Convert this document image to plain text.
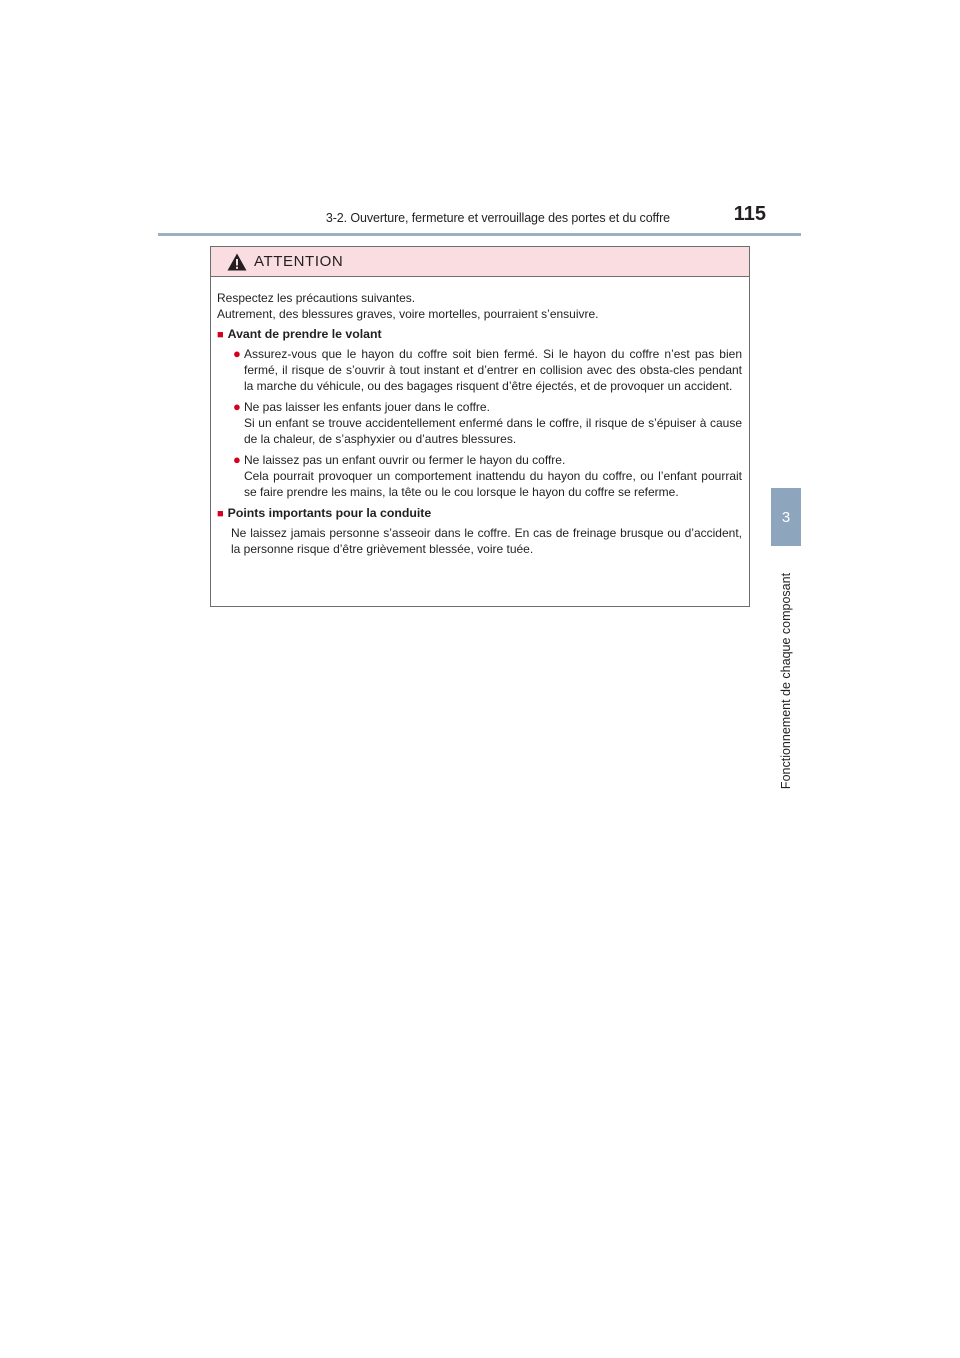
3-2. Ouverture, fermeture et verrouillage des portes et du coffre	115
3
Fonctionnement de chaque composant
ATTENTION

Respectez les précautions suivantes.

Autrement, des blessures graves, voire mortelles, pourraient s’ensuivre.

■ Avant de prendre le volant
● Assurez-vous que le hayon du coffre soit bien fermé. Si le hayon du coffre n’est pas bien fermé, il risque de s’ouvrir à tout instant et d’entrer en collision avec des obsta-cles pendant la marche du véhicule, ou des bagages risquent d’être éjectés, et de provoquer un accident.
● Ne pas laisser les enfants jouer dans le coffre.
Si un enfant se trouve accidentellement enfermé dans le coffre, il risque de s’épuiser à cause de la chaleur, de s’asphyxier ou d’autres blessures.
● Ne laissez pas un enfant ouvrir ou fermer le hayon du coffre.
Cela pourrait provoquer un comportement inattendu du hayon du coffre, ou l’enfant pourrait se faire prendre les mains, la tête ou le cou lorsque le hayon du coffre se referme.
■ Points importants pour la conduite
Ne laissez jamais personne s’asseoir dans le coffre. En cas de freinage brusque ou d’accident, la personne risque d’être grièvement blessée, voire tuée.
